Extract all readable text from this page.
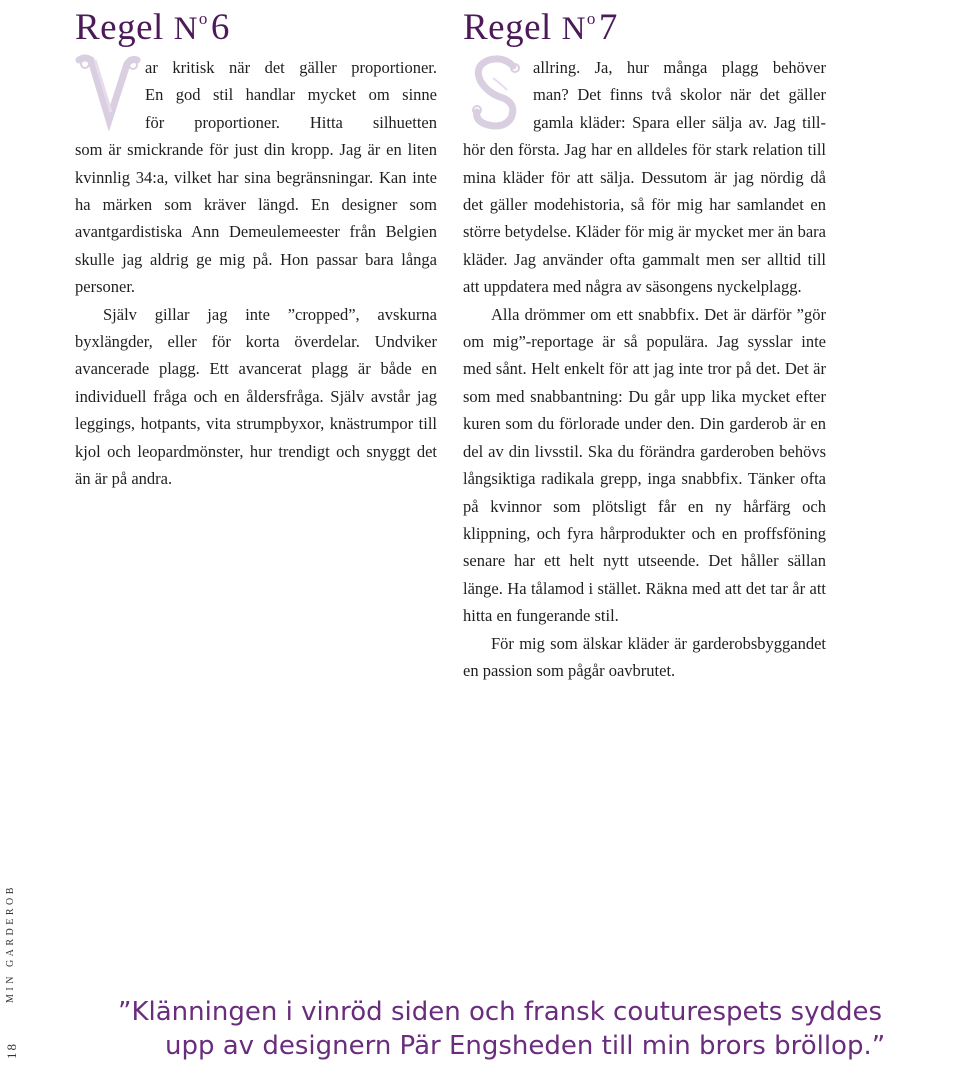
Regel $N^o6$

ar kritisk när det gäller proportioner.

En god stil handlar mycket om sinne

för proportioner. Hitta silhuetten

som är smickrande för just din kropp. Jag är en liten kvinnlig 34:a, vilket har sina begränsningar. Kan inte ha märken som kräver längd. En designer som avantgardistiska Ann Demeulemeester från Belgien skulle jag aldrig ge mig på. Hon passar bara långa personer.

Själv gillar jag inte ”cropped”, avskurna byxlängder, eller för korta överdelar. Undviker avancerade plagg. Ett avancerat plagg är både en individuell fråga och en åldersfråga. Själv avstår jag leggings, hotpants, vita strumpbyxor, knästrumpor till kjol och leopardmönster, hur trendigt och snyggt det än är på andra.

Regel $N^o7$

allring. Ja, hur många plagg behöver

man? Det finns två skolor när det gäller

gamla kläder: Spara eller sälja av. Jag till-

hör den första. Jag har en alldeles för stark relation till mina kläder för att sälja. Dessutom är jag nördig då det gäller modehistoria, så för mig har samlandet en större betydelse. Kläder för mig är mycket mer än bara kläder. Jag använder ofta gammalt men ser alltid till att uppdatera med några av säsongens nyckelplagg.

Alla drömmer om ett snabbfix. Det är därför ”gör om mig”-reportage är så populära. Jag sysslar inte med sånt. Helt enkelt för att jag inte tror på det. Det är som med snabbantning: Du går upp lika mycket efter kuren som du förlorade under den. Din garderob är en del av din livsstil. Ska du förändra garderoben behövs långsiktiga radikala grepp, inga snabbfix. Tänker ofta på kvinnor som plötsligt får en ny hårfärg och klippning, och fyra hårprodukter och en proffsföning senare har ett helt nytt utseende. Det håller sällan länge. Ha tålamod i stället. Räkna med att det tar år att hitta en fungerande stil.

För mig som älskar kläder är garderobsbyggandet en passion som pågår oavbrutet.

MIN GARDEROB
18

”Klänningen i vinröd siden och fransk couturespets syddes
upp av designern Pär Engsheden till min brors bröllop.”
